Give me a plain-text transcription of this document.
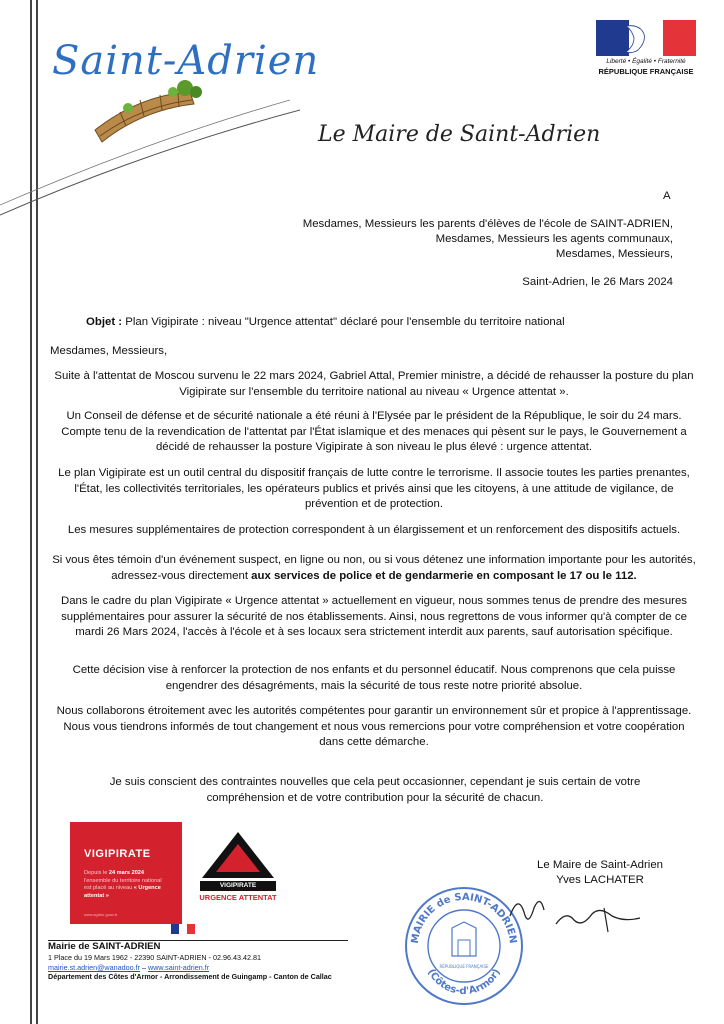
Saint-Adrien
Le Maire de Saint-Adrien
Liberté • Égalité • Fraternité
RÉPUBLIQUE FRANÇAISE
A
Mesdames, Messieurs les parents d'élèves de l'école de SAINT-ADRIEN,
Mesdames, Messieurs les agents communaux,
Mesdames, Messieurs,
Saint-Adrien, le 26 Mars 2024
Objet : Plan Vigipirate : niveau "Urgence attentat" déclaré pour l'ensemble du territoire national
Mesdames, Messieurs,
Suite à l'attentat de Moscou survenu le 22 mars 2024, Gabriel Attal, Premier ministre, a décidé de rehausser la posture du plan Vigipirate sur l'ensemble du territoire national au niveau « Urgence attentat ».
Un Conseil de défense et de sécurité nationale a été réuni à l'Elysée par le président de la République, le soir du 24 mars. Compte tenu de la revendication de l'attentat par l'État islamique et des menaces qui pèsent sur le pays, le Gouvernement a décidé de rehausser la posture Vigipirate à son niveau le plus élevé : urgence attentat.
Le plan Vigipirate est un outil central du dispositif français de lutte contre le terrorisme. Il associe toutes les parties prenantes, l'État, les collectivités territoriales, les opérateurs publics et privés ainsi que les citoyens, à une attitude de vigilance, de prévention et de protection.
Les mesures supplémentaires de protection correspondent à un élargissement et un renforcement des dispositifs actuels.
Si vous êtes témoin d'un événement suspect, en ligne ou non, ou si vous détenez une information importante pour les autorités, adressez-vous directement aux services de police et de gendarmerie en composant le 17 ou le 112.
Dans le cadre du plan Vigipirate « Urgence attentat » actuellement en vigueur, nous sommes tenus de prendre des mesures supplémentaires pour assurer la sécurité de nos établissements. Ainsi, nous regrettons de vous informer qu'à compter de ce mardi 26 Mars 2024, l'accès à l'école et à ses locaux sera strictement interdit aux parents, sauf autorisation spécifique.
Cette décision vise à renforcer la protection de nos enfants et du personnel éducatif. Nous comprenons que cela puisse engendrer des désagréments, mais la sécurité de tous reste notre priorité absolue.
Nous collaborons étroitement avec les autorités compétentes pour garantir un environnement sûr et propice à l'apprentissage. Nous vous tiendrons informés de tout changement et nous vous remercions pour votre compréhension et votre coopération dans cette démarche.
Je suis conscient des contraintes nouvelles que cela peut occasionner, cependant je suis certain de votre compréhension et de votre contribution pour la sécurité de chacun.
VIGIPIRATE
Depuis le 24 mars 2024
l'ensemble du territoire national
est placé au niveau « Urgence attentat »
www.sgdsn.gouv.fr
VIGIPIRATE
URGENCE ATTENTAT
Le Maire de Saint-Adrien
Yves LACHATER
MAIRIE de SAINT-ADRIEN
(Côtes-d'Armor)
RÉPUBLIQUE FRANÇAISE
Mairie de SAINT-ADRIEN
1 Place du 19 Mars 1962 - 22390 SAINT-ADRIEN - 02.96.43.42.81
mairie.st.adrien@wanadoo.fr – www.saint-adrien.fr
Département des Côtes d'Armor - Arrondissement de Guingamp - Canton de Callac
